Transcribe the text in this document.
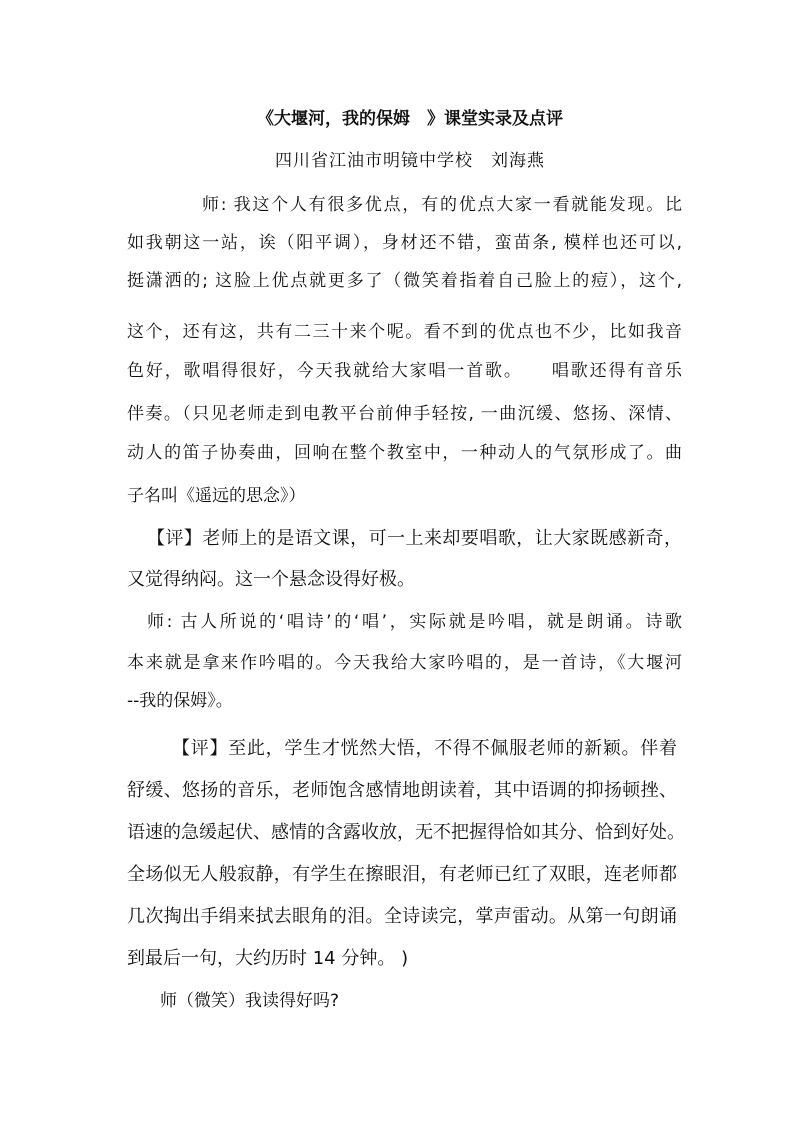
《大堰河，我的保姆　》课堂实录及点评
四川省江油市明镜中学校　刘海燕
师: 我这个人有很多优点，有的优点大家一看就能发现。比
如我朝这一站，诶（阳平调），身材还不错，蛮苗条, 模样也还可以,
挺潇洒的; 这脸上优点就更多了（微笑着指着自己脸上的痘），这个,
这个，还有这，共有二三十来个呢。看不到的优点也不少，比如我音
色好，歌唱得很好，今天我就给大家唱一首歌。　　唱歌还得有音乐
伴奏。（只见老师走到电教平台前伸手轻按, 一曲沉缓、悠扬、深情、
动人的笛子协奏曲，回响在整个教室中，一种动人的气氛形成了。曲
子名叫《遥远的思念》）
【评】老师上的是语文课，可一上来却要唱歌，让大家既感新奇，
又觉得纳闷。这一个悬念设得好极。
师: 古人所说的‘唱诗’的‘唱’，实际就是吟唱，就是朗诵。诗歌
本来就是拿来作吟唱的。今天我给大家吟唱的，是一首诗，《大堰河
--我的保姆》。
【评】至此，学生才恍然大悟，不得不佩服老师的新颖。伴着
舒缓、悠扬的音乐，老师饱含感情地朗读着，其中语调的抑扬顿挫、
语速的急缓起伏、感情的含露收放，无不把握得恰如其分、恰到好处。
全场似无人般寂静，有学生在擦眼泪，有老师已红了双眼，连老师都
几次掏出手绢来拭去眼角的泪。全诗读完，掌声雷动。从第一句朗诵
到最后一句，大约历时 14 分钟。 )
师（微笑）我读得好吗?
